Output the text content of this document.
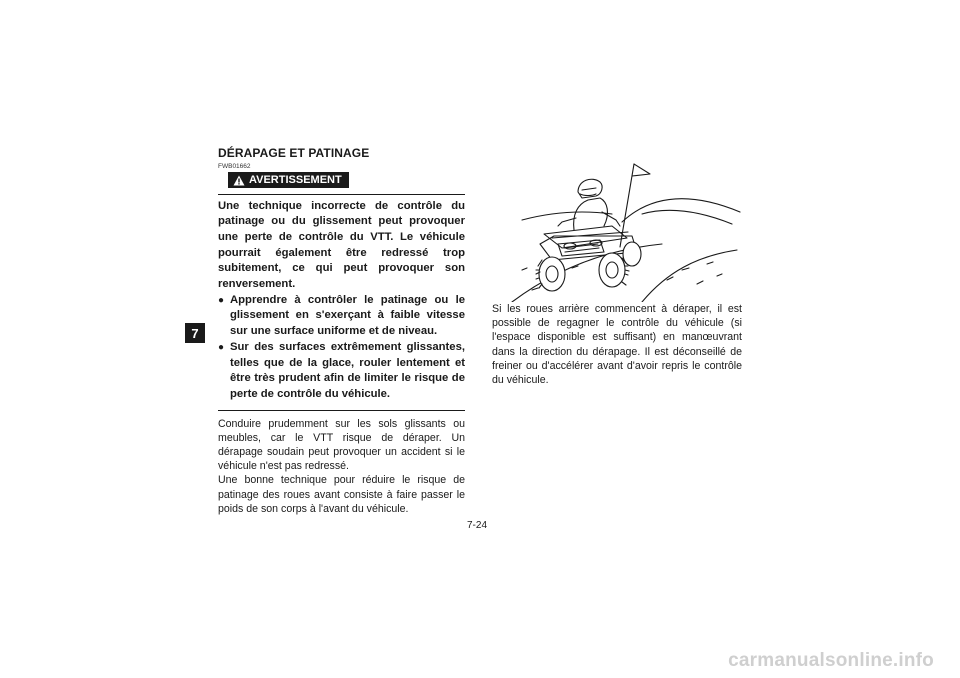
7
DÉRAPAGE ET PATINAGE
FWB01662
AVERTISSEMENT

Une technique incorrecte de contrôle du patinage ou du glissement peut provoquer une perte de contrôle du VTT. Le véhicule pourrait également être redressé trop subitement, ce qui peut provoquer son renversement.

● Apprendre à contrôler le patinage ou le glissement en s'exerçant à faible vitesse sur une surface uniforme et de niveau.
● Sur des surfaces extrêmement glissantes, telles que de la glace, rouler lentement et être très prudent afin de limiter le risque de perte de contrôle du véhicule.

Conduire prudemment sur les sols glissants ou meubles, car le VTT risque de déraper. Un dérapage soudain peut provoquer un accident si le véhicule n'est pas redressé.

Une bonne technique pour réduire le risque de patinage des roues avant consiste à faire passer le poids de son corps à l'avant du véhicule.

Si les roues arrière commencent à déraper, il est possible de regagner le contrôle du véhicule (si l'espace disponible est suffisant) en manœuvrant dans la direction du dérapage. Il est déconseillé de freiner ou d'accélérer avant d'avoir repris le contrôle du véhicule.

7-24
carmanualsonline.info
